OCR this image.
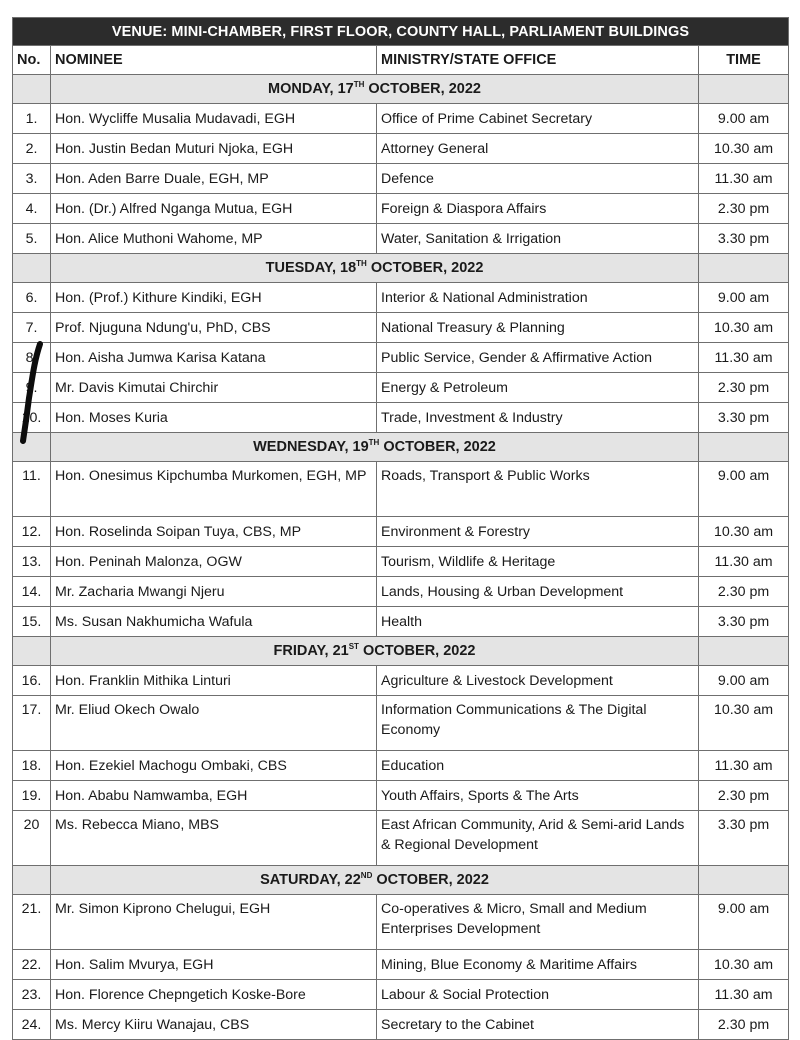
VENUE: MINI-CHAMBER, FIRST FLOOR, COUNTY HALL, PARLIAMENT BUILDINGS			
No.	NOMINEE	MINISTRY/STATE OFFICE	TIME
	MONDAY, 17TH OCTOBER, 2022		
1.	Hon. Wycliffe Musalia Mudavadi, EGH	Office of Prime Cabinet Secretary	9.00 am
2.	Hon. Justin Bedan Muturi Njoka, EGH	Attorney General	10.30 am
3.	Hon. Aden Barre Duale, EGH, MP	Defence	11.30 am
4.	Hon. (Dr.) Alfred Nganga Mutua, EGH	Foreign & Diaspora Affairs	2.30 pm
5.	Hon. Alice Muthoni Wahome, MP	Water, Sanitation & Irrigation	3.30 pm
	TUESDAY, 18TH OCTOBER, 2022		
6.	Hon. (Prof.) Kithure Kindiki, EGH	Interior & National Administration	9.00 am
7.	Prof. Njuguna Ndung'u, PhD, CBS	National Treasury & Planning	10.30 am
8.	Hon. Aisha Jumwa Karisa Katana	Public Service, Gender & Affirmative Action	11.30 am
9.	Mr. Davis Kimutai Chirchir	Energy & Petroleum	2.30 pm
10.	Hon. Moses Kuria	Trade, Investment & Industry	3.30 pm
	WEDNESDAY, 19TH OCTOBER, 2022		
11.	Hon. Onesimus Kipchumba Murkomen, EGH, MP	Roads, Transport & Public Works	9.00 am
12.	Hon. Roselinda Soipan Tuya, CBS, MP	Environment & Forestry	10.30 am
13.	Hon. Peninah Malonza, OGW	Tourism, Wildlife & Heritage	11.30 am
14.	Mr. Zacharia Mwangi Njeru	Lands, Housing & Urban Development	2.30 pm
15.	Ms. Susan Nakhumicha Wafula	Health	3.30 pm
	FRIDAY, 21ST OCTOBER, 2022		
16.	Hon. Franklin Mithika Linturi	Agriculture & Livestock Development	9.00 am
17.	Mr. Eliud Okech Owalo	Information Communications & The Digital Economy	10.30 am
18.	Hon. Ezekiel Machogu Ombaki, CBS	Education	11.30 am
19.	Hon. Ababu Namwamba, EGH	Youth Affairs, Sports & The Arts	2.30 pm
20	Ms. Rebecca Miano, MBS	East African Community, Arid & Semi-arid Lands & Regional Development	3.30 pm
	SATURDAY, 22ND OCTOBER, 2022		
21.	Mr. Simon Kiprono Chelugui, EGH	Co-operatives & Micro, Small and Medium Enterprises Development	9.00 am
22.	Hon. Salim Mvurya, EGH	Mining, Blue Economy & Maritime Affairs	10.30 am
23.	Hon. Florence Chepngetich Koske-Bore	Labour & Social Protection	11.30 am
24.	Ms. Mercy Kiiru Wanajau, CBS	Secretary to the Cabinet	2.30 pm
